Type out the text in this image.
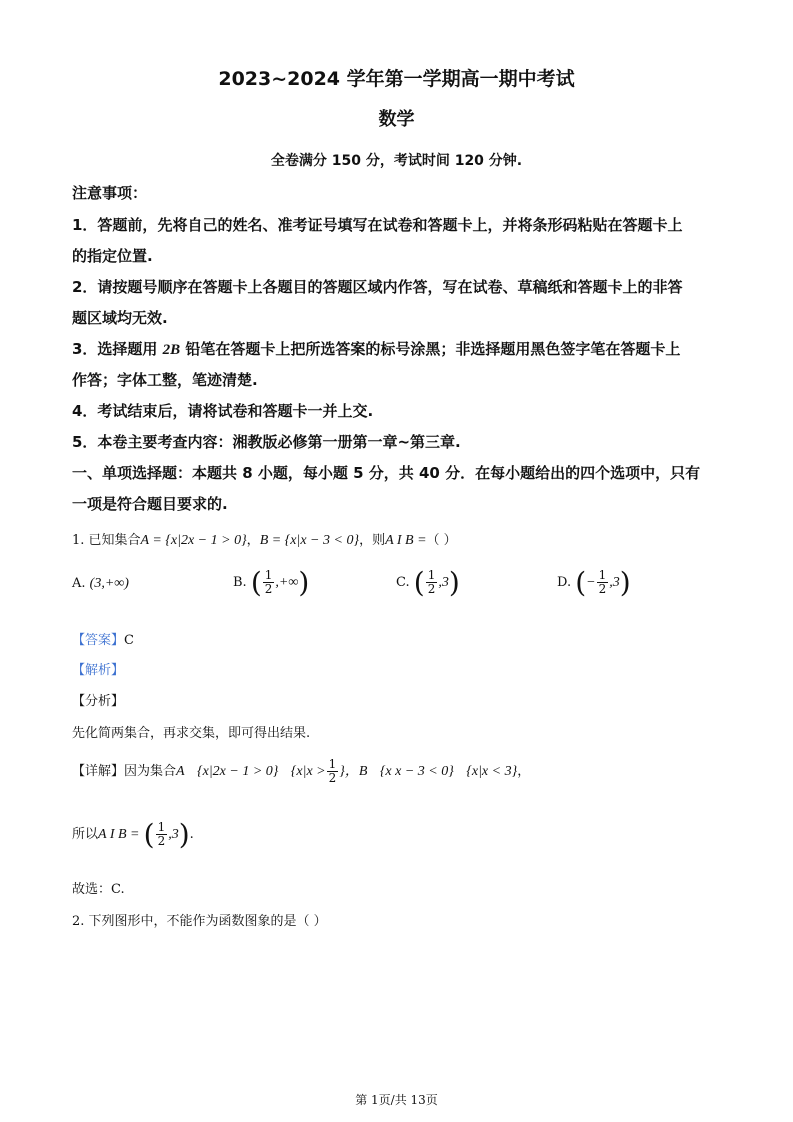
2023~2024 学年第一学期高一期中考试
数学
全卷满分 150 分，考试时间 120 分钟.
注意事项：
1．答题前，先将自己的姓名、准考证号填写在试卷和答题卡上，并将条形码粘贴在答题卡上
的指定位置.
2．请按题号顺序在答题卡上各题目的答题区域内作答，写在试卷、草稿纸和答题卡上的非答
题区域均无效.
3．选择题用 2B 铅笔在答题卡上把所选答案的标号涂黑；非选择题用黑色签字笔在答题卡上
作答；字体工整，笔迹清楚.
4．考试结束后，请将试卷和答题卡一并上交.
5．本卷主要考查内容：湘教版必修第一册第一章~第三章.
一、单项选择题：本题共 8 小题，每小题 5 分，共 40 分．在每小题给出的四个选项中，只有
一项是符合题目要求的.
1. 已知集合A = {x|2x − 1 > 0}，B = {x|x − 3 < 0}，则A I B =（ ）
A. (3,+∞)	B. ( $\frac{1}{2}$ ,+∞)	C. ( $\frac{1}{2} ,3$)	D. (− $\frac{1}{2} ,3$)
【答案】C
【解析】
【分析】
先化简两集合，再求交集，即可得出结果.
【详解】因为集合A {x|2x − 1 > 0} {$x|x > \frac{1}{2}$ }，B {x x − 3 < 0} {x|x < 3}，
所以A I B = ( $\frac{1}{2} ,3$).
故选：C.
2. 下列图形中，不能作为函数图象的是（ ）
第 1页/共 13页
